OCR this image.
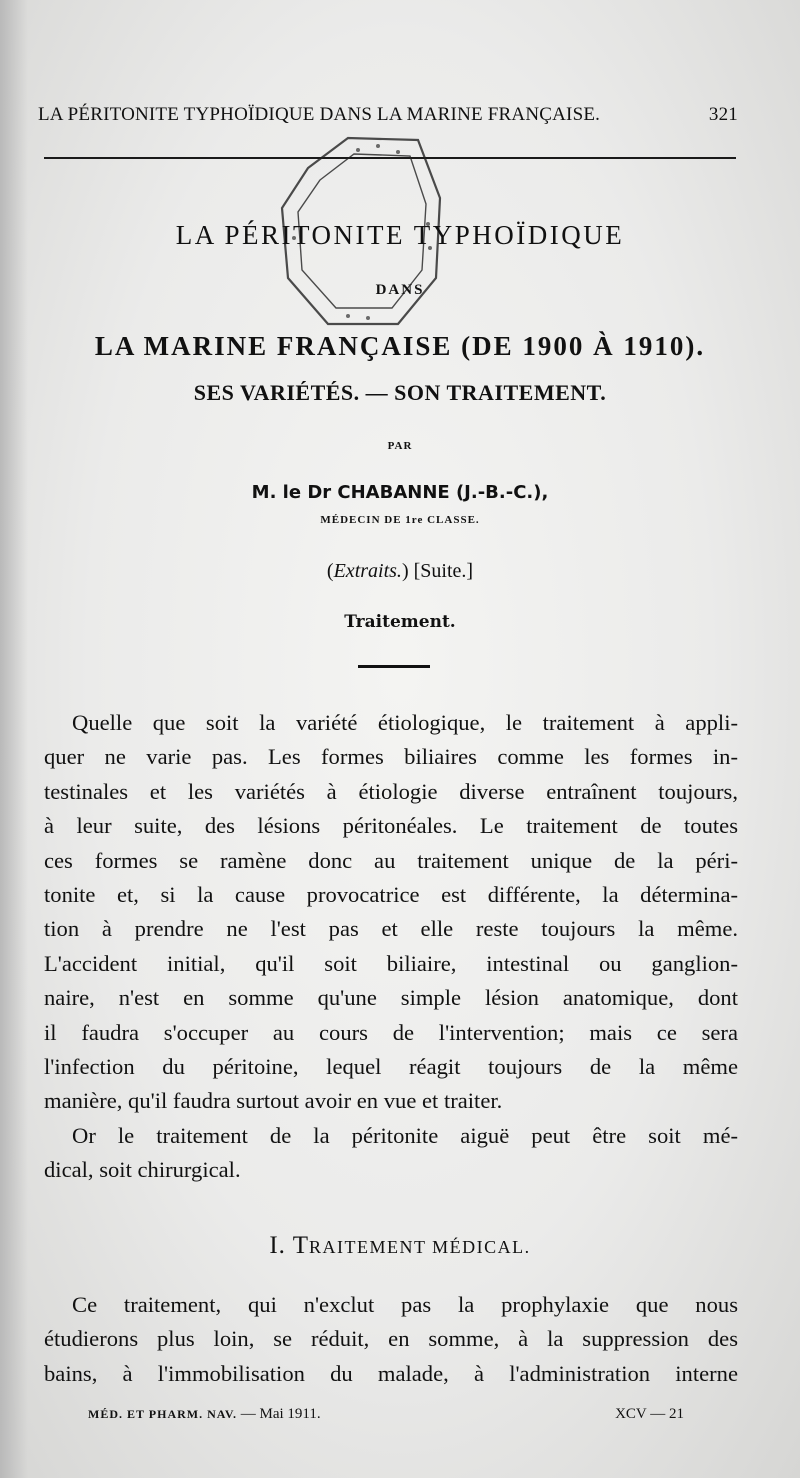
LA PÉRITONITE TYPHOÏDIQUE DANS LA MARINE FRANÇAISE.	321
LA PÉRITONITE TYPHOÏDIQUE
DANS
LA MARINE FRANÇAISE (DE 1900 À 1910).
SES VARIÉTÉS. — SON TRAITEMENT.
PAR
M. le Dr CHABANNE (J.-B.-C.),
MÉDECIN DE 1re CLASSE.
(Extraits.) [Suite.]
Traitement.
Quelle que soit la variété étiologique, le traitement à appli-
quer ne varie pas. Les formes biliaires comme les formes in-
testinales et les variétés à étiologie diverse entraînent toujours,
à leur suite, des lésions péritonéales. Le traitement de toutes
ces formes se ramène donc au traitement unique de la péri-
tonite et, si la cause provocatrice est différente, la détermina-
tion à prendre ne l'est pas et elle reste toujours la même.
L'accident initial, qu'il soit biliaire, intestinal ou ganglion-
naire, n'est en somme qu'une simple lésion anatomique, dont
il faudra s'occuper au cours de l'intervention; mais ce sera
l'infection du péritoine, lequel réagit toujours de la même
manière, qu'il faudra surtout avoir en vue et traiter.
Or le traitement de la péritonite aiguë peut être soit mé-
dical, soit chirurgical.
I. TRAITEMENT MÉDICAL.
Ce traitement, qui n'exclut pas la prophylaxie que nous
étudierons plus loin, se réduit, en somme, à la suppression des
bains, à l'immobilisation du malade, à l'administration interne
MÉD. ET PHARM. NAV. — Mai 1911.	XCV — 21
